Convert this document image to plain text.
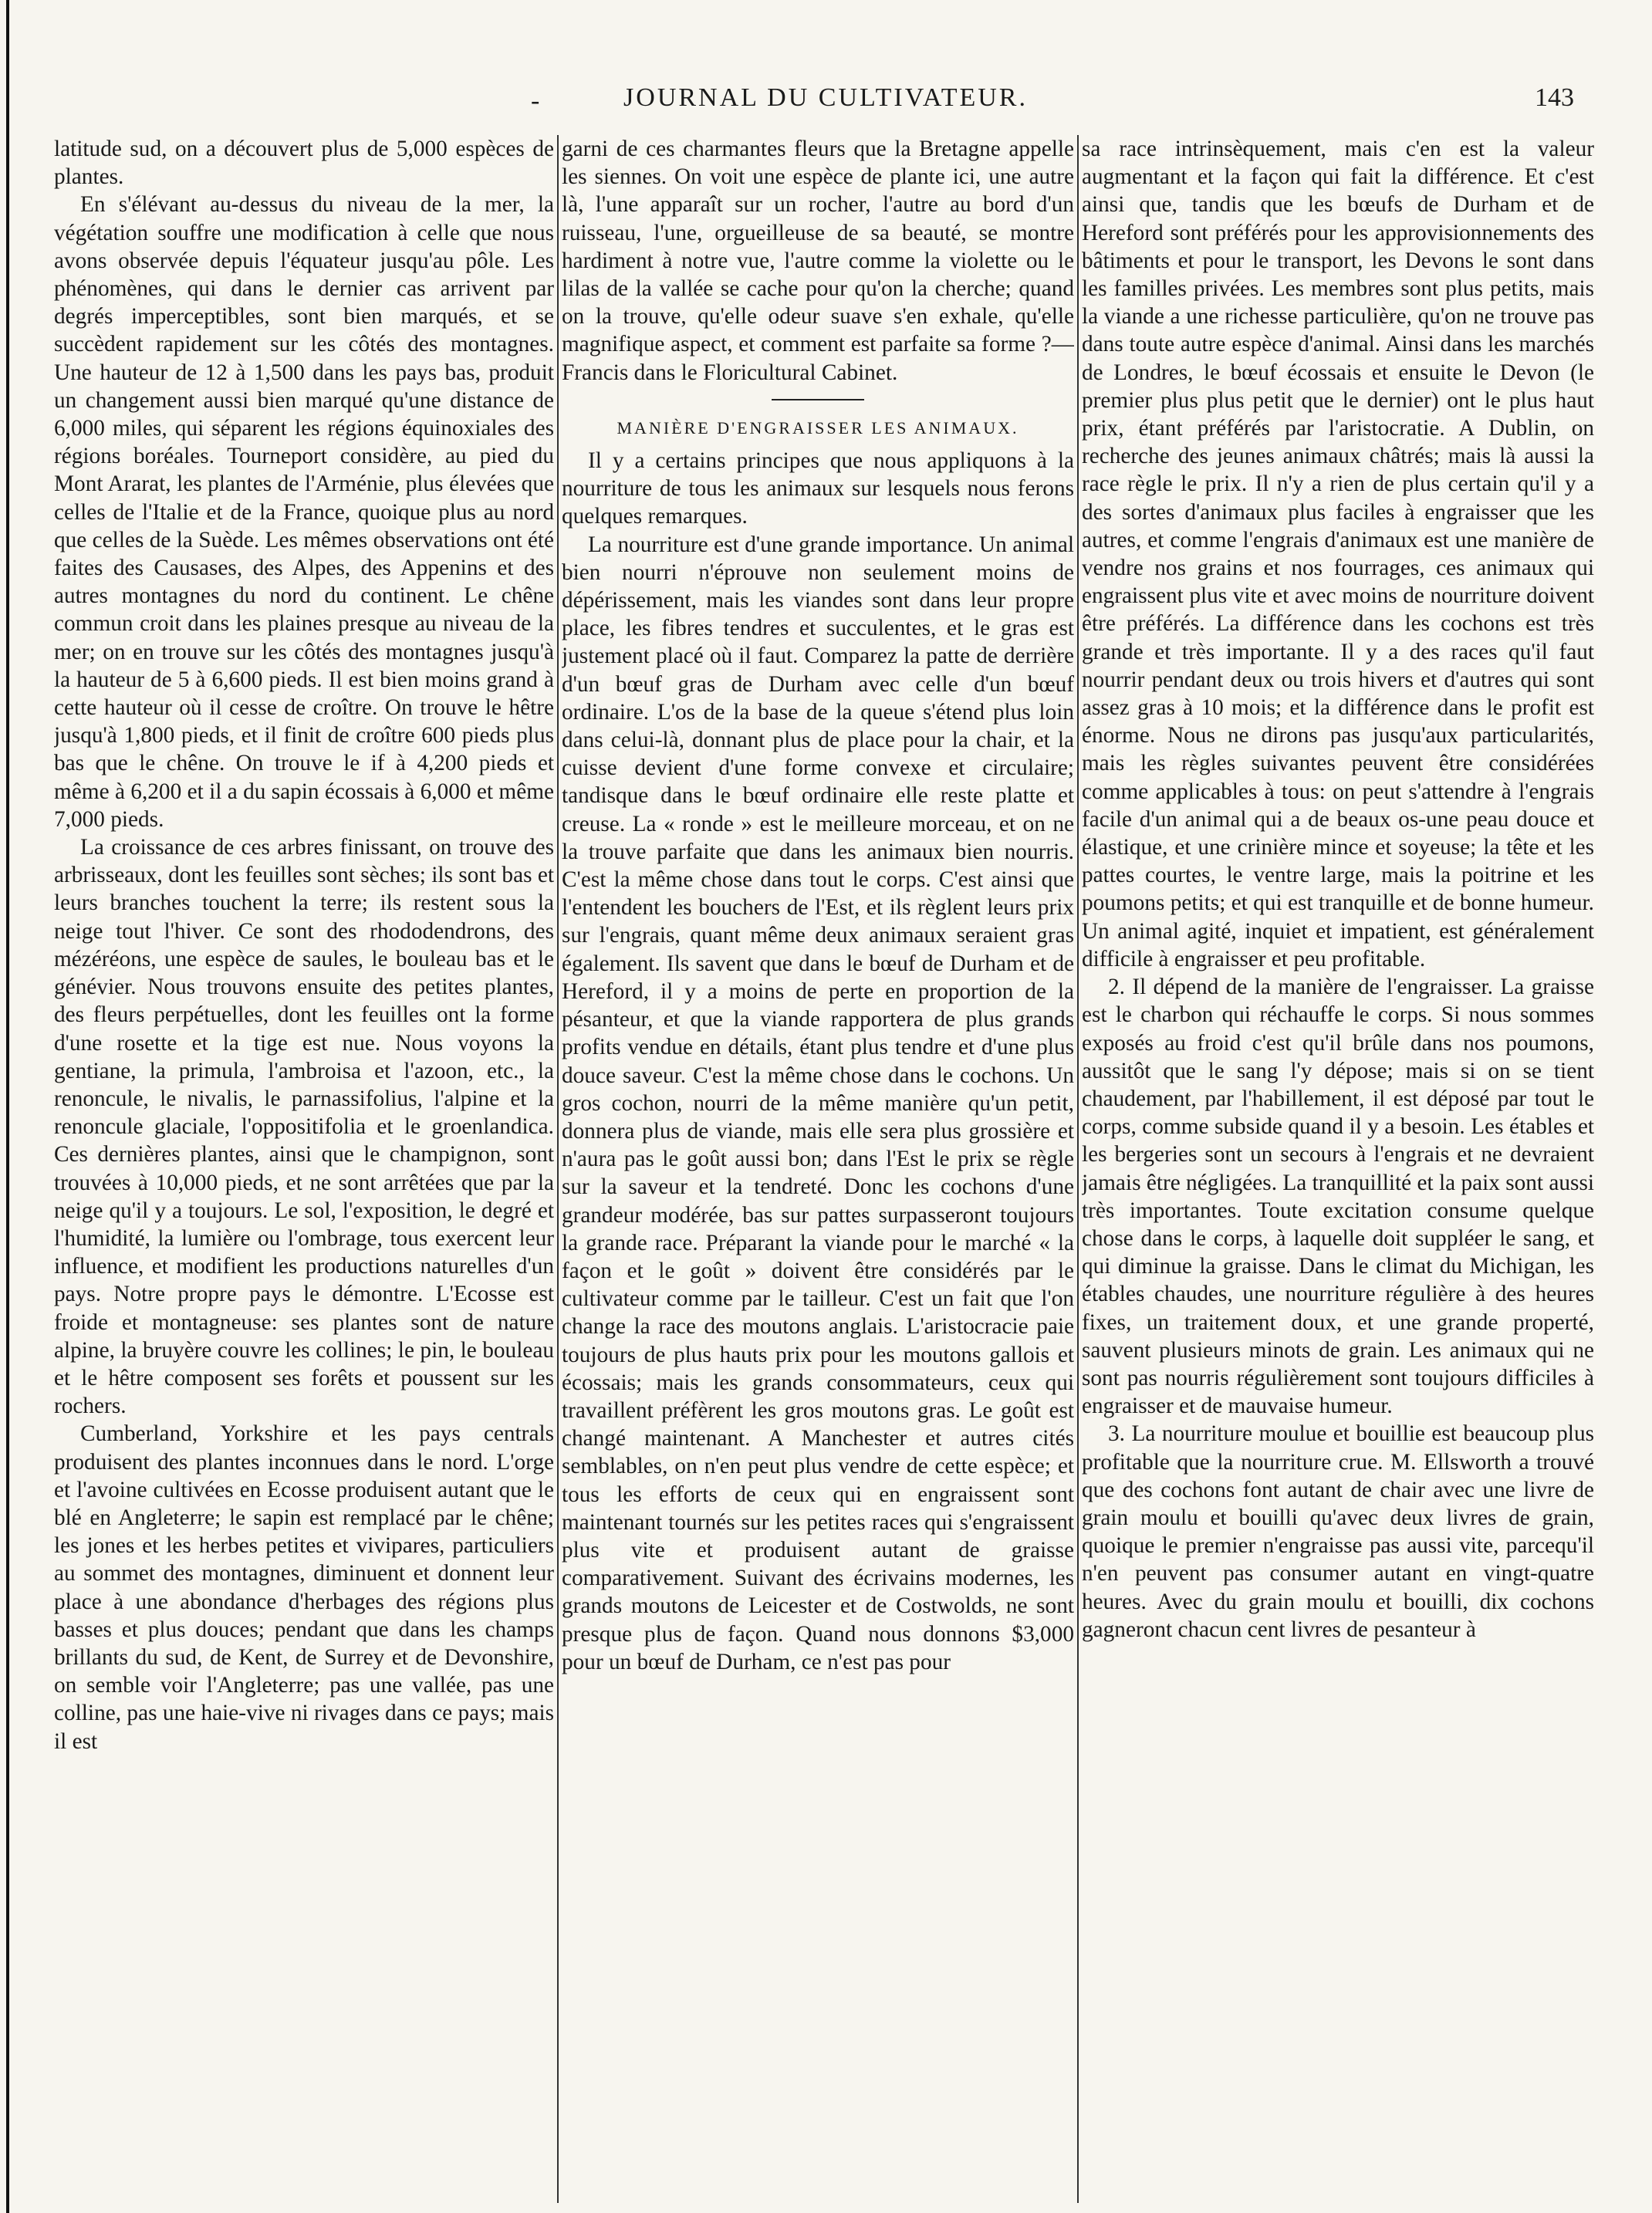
-	JOURNAL DU CULTIVATEUR.	143

latitude sud, on a découvert plus de 5,000 espèces de plantes.

En s'élévant au-dessus du niveau de la mer, la végétation souffre une modification à celle que nous avons observée depuis l'équateur jusqu'au pôle. Les phénomènes, qui dans le dernier cas arrivent par degrés imperceptibles, sont bien marqués, et se succèdent rapidement sur les côtés des montagnes. Une hauteur de 12 à 1,500 dans les pays bas, produit un changement aussi bien marqué qu'une distance de 6,000 miles, qui séparent les régions équinoxiales des régions boréales. Tourneport considère, au pied du Mont Ararat, les plantes de l'Arménie, plus élevées que celles de l'Italie et de la France, quoique plus au nord que celles de la Suède. Les mêmes observations ont été faites des Causases, des Alpes, des Appenins et des autres montagnes du nord du continent. Le chêne commun croit dans les plaines presque au niveau de la mer; on en trouve sur les côtés des montagnes jusqu'à la hauteur de 5 à 6,600 pieds. Il est bien moins grand à cette hauteur où il cesse de croître. On trouve le hêtre jusqu'à 1,800 pieds, et il finit de croître 600 pieds plus bas que le chêne. On trouve le if à 4,200 pieds et même à 6,200 et il a du sapin écossais à 6,000 et même 7,000 pieds.

La croissance de ces arbres finissant, on trouve des arbrisseaux, dont les feuilles sont sèches; ils sont bas et leurs branches touchent la terre; ils restent sous la neige tout l'hiver. Ce sont des rhododendrons, des mézéréons, une espèce de saules, le bouleau bas et le génévier. Nous trouvons ensuite des petites plantes, des fleurs perpétuelles, dont les feuilles ont la forme d'une rosette et la tige est nue. Nous voyons la gentiane, la primula, l'ambroisa et l'azoon, etc., la renoncule, le nivalis, le parnassifolius, l'alpine et la renoncule glaciale, l'oppositifolia et le groenlandica. Ces dernières plantes, ainsi que le champignon, sont trouvées à 10,000 pieds, et ne sont arrêtées que par la neige qu'il y a toujours. Le sol, l'exposition, le degré et l'humidité, la lumière ou l'ombrage, tous exercent leur influence, et modifient les productions naturelles d'un pays. Notre propre pays le démontre. L'Ecosse est froide et montagneuse: ses plantes sont de nature alpine, la bruyère couvre les collines; le pin, le bouleau et le hêtre composent ses forêts et poussent sur les rochers.

Cumberland, Yorkshire et les pays centrals produisent des plantes inconnues dans le nord. L'orge et l'avoine cultivées en Ecosse produisent autant que le blé en Angleterre; le sapin est remplacé par le chêne; les jones et les herbes petites et vivipares, particuliers au sommet des montagnes, diminuent et donnent leur place à une abondance d'herbages des régions plus basses et plus douces; pendant que dans les champs brillants du sud, de Kent, de Surrey et de Devonshire, on semble voir l'Angleterre; pas une vallée, pas une colline, pas une haie-vive ni rivages dans ce pays; mais il est

garni de ces charmantes fleurs que la Bretagne appelle les siennes. On voit une espèce de plante ici, une autre là, l'une apparaît sur un rocher, l'autre au bord d'un ruisseau, l'une, orgueilleuse de sa beauté, se montre hardiment à notre vue, l'autre comme la violette ou le lilas de la vallée se cache pour qu'on la cherche; quand on la trouve, qu'elle odeur suave s'en exhale, qu'elle magnifique aspect, et comment est parfaite sa forme ?—Francis dans le Floricultural Cabinet.

MANIÈRE D'ENGRAISSER LES ANIMAUX.

Il y a certains principes que nous appliquons à la nourriture de tous les animaux sur lesquels nous ferons quelques remarques.

La nourriture est d'une grande importance. Un animal bien nourri n'éprouve non seulement moins de dépérissement, mais les viandes sont dans leur propre place, les fibres tendres et succulentes, et le gras est justement placé où il faut. Comparez la patte de derrière d'un bœuf gras de Durham avec celle d'un bœuf ordinaire. L'os de la base de la queue s'étend plus loin dans celui-là, donnant plus de place pour la chair, et la cuisse devient d'une forme convexe et circulaire; tandisque dans le bœuf ordinaire elle reste platte et creuse. La « ronde » est le meilleure morceau, et on ne la trouve parfaite que dans les animaux bien nourris. C'est la même chose dans tout le corps. C'est ainsi que l'entendent les bouchers de l'Est, et ils règlent leurs prix sur l'engrais, quant même deux animaux seraient gras également. Ils savent que dans le bœuf de Durham et de Hereford, il y a moins de perte en proportion de la pésanteur, et que la viande rapportera de plus grands profits vendue en détails, étant plus tendre et d'une plus douce saveur. C'est la même chose dans le cochons. Un gros cochon, nourri de la même manière qu'un petit, donnera plus de viande, mais elle sera plus grossière et n'aura pas le goût aussi bon; dans l'Est le prix se règle sur la saveur et la tendreté. Donc les cochons d'une grandeur modérée, bas sur pattes surpasseront toujours la grande race. Préparant la viande pour le marché « la façon et le goût » doivent être considérés par le cultivateur comme par le tailleur. C'est un fait que l'on change la race des moutons anglais. L'aristocracie paie toujours de plus hauts prix pour les moutons gallois et écossais; mais les grands consommateurs, ceux qui travaillent préfèrent les gros moutons gras. Le goût est changé maintenant. A Manchester et autres cités semblables, on n'en peut plus vendre de cette espèce; et tous les efforts de ceux qui en engraissent sont maintenant tournés sur les petites races qui s'engraissent plus vite et produisent autant de graisse comparativement. Suivant des écrivains modernes, les grands moutons de Leicester et de Costwolds, ne sont presque plus de façon. Quand nous donnons $3,000 pour un bœuf de Durham, ce n'est pas pour

sa race intrinsèquement, mais c'en est la valeur augmentant et la façon qui fait la différence. Et c'est ainsi que, tandis que les bœufs de Durham et de Hereford sont préférés pour les approvisionnements des bâtiments et pour le transport, les Devons le sont dans les familles privées. Les membres sont plus petits, mais la viande a une richesse particulière, qu'on ne trouve pas dans toute autre espèce d'animal. Ainsi dans les marchés de Londres, le bœuf écossais et ensuite le Devon (le premier plus plus petit que le dernier) ont le plus haut prix, étant préférés par l'aristocratie. A Dublin, on recherche des jeunes animaux châtrés; mais là aussi la race règle le prix. Il n'y a rien de plus certain qu'il y a des sortes d'animaux plus faciles à engraisser que les autres, et comme l'engrais d'animaux est une manière de vendre nos grains et nos fourrages, ces animaux qui engraissent plus vite et avec moins de nourriture doivent être préférés. La différence dans les cochons est très grande et très importante. Il y a des races qu'il faut nourrir pendant deux ou trois hivers et d'autres qui sont assez gras à 10 mois; et la différence dans le profit est énorme. Nous ne dirons pas jusqu'aux particularités, mais les règles suivantes peuvent être considérées comme applicables à tous: on peut s'attendre à l'engrais facile d'un animal qui a de beaux os-une peau douce et élastique, et une crinière mince et soyeuse; la tête et les pattes courtes, le ventre large, mais la poitrine et les poumons petits; et qui est tranquille et de bonne humeur. Un animal agité, inquiet et impatient, est généralement difficile à engraisser et peu profitable.

2. Il dépend de la manière de l'engraisser. La graisse est le charbon qui réchauffe le corps. Si nous sommes exposés au froid c'est qu'il brûle dans nos poumons, aussitôt que le sang l'y dépose; mais si on se tient chaudement, par l'habillement, il est déposé par tout le corps, comme subside quand il y a besoin. Les étables et les bergeries sont un secours à l'engrais et ne devraient jamais être négligées. La tranquillité et la paix sont aussi très importantes. Toute excitation consume quelque chose dans le corps, à laquelle doit suppléer le sang, et qui diminue la graisse. Dans le climat du Michigan, les étables chaudes, une nourriture régulière à des heures fixes, un traitement doux, et une grande properté, sauvent plusieurs minots de grain. Les animaux qui ne sont pas nourris régulièrement sont toujours difficiles à engraisser et de mauvaise humeur.

3. La nourriture moulue et bouillie est beaucoup plus profitable que la nourriture crue. M. Ellsworth a trouvé que des cochons font autant de chair avec une livre de grain moulu et bouilli qu'avec deux livres de grain, quoique le premier n'engraisse pas aussi vite, parcequ'il n'en peuvent pas consumer autant en vingt-quatre heures. Avec du grain moulu et bouilli, dix cochons gagneront chacun cent livres de pesanteur à
